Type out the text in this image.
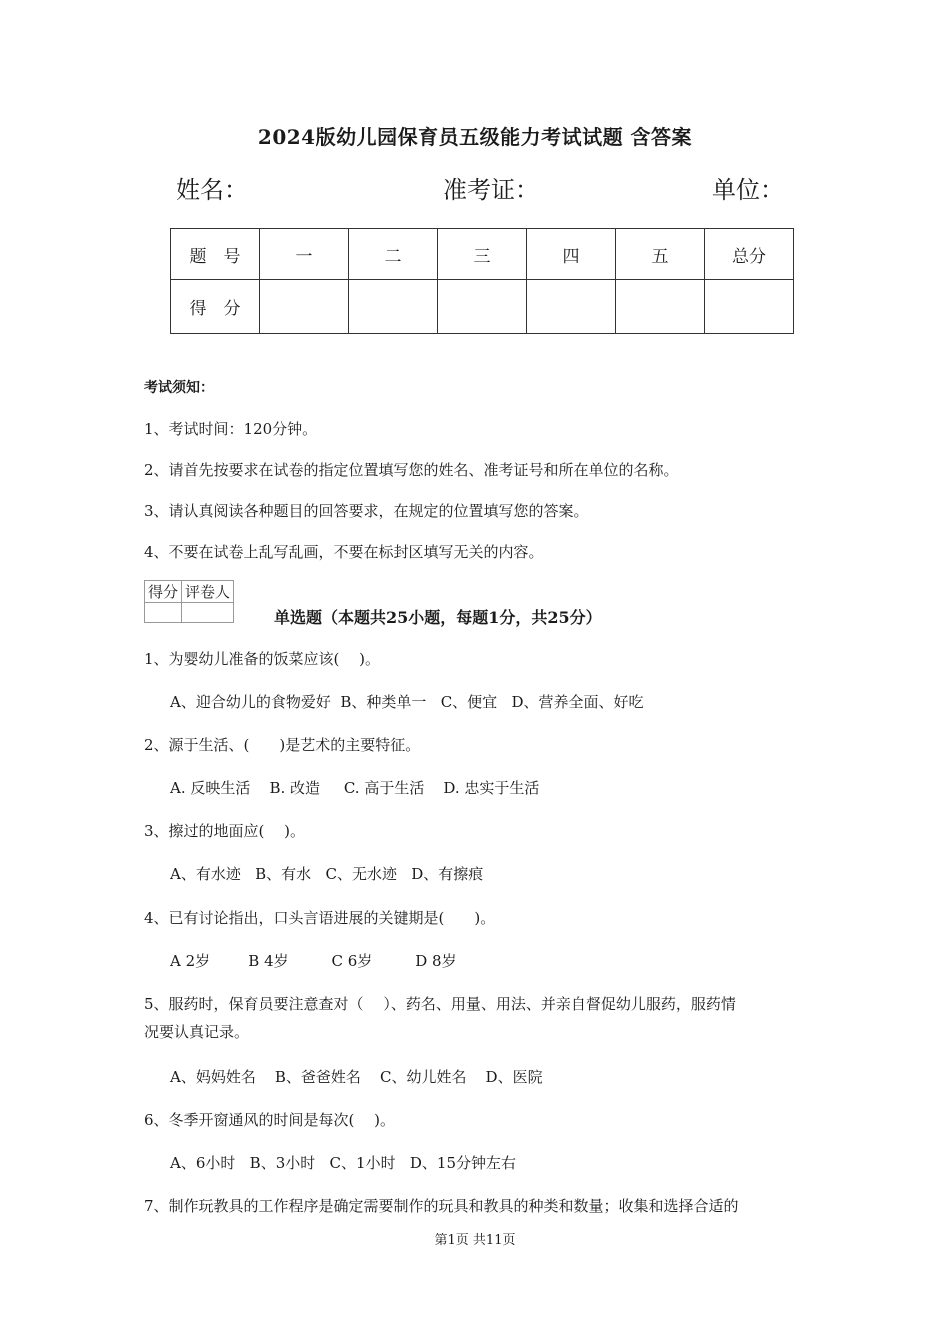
2024版幼儿园保育员五级能力考试试题 含答案
姓名：	准考证：	单位：
题　号	一	二	三	四	五	总分
得　分						
考试须知：
1、考试时间：120分钟。
2、请首先按要求在试卷的指定位置填写您的姓名、准考证号和所在单位的名称。
3、请认真阅读各种题目的回答要求，在规定的位置填写您的答案。
4、不要在试卷上乱写乱画，不要在标封区填写无关的内容。
得分	评卷人

单选题（本题共25小题，每题1分，共25分）
1、为婴幼儿准备的饭菜应该(　 )。
A、迎合幼儿的食物爱好  B、种类单一   C、便宜   D、营养全面、好吃
2、源于生活、(　　)是艺术的主要特征。
A. 反映生活    B. 改造     C. 高于生活    D. 忠实于生活
3、擦过的地面应(　 )。
A、有水迹   B、有水   C、无水迹   D、有擦痕
4、已有讨论指出，口头言语进展的关键期是(　　)。
A 2岁        B 4岁         C 6岁         D 8岁
5、服药时，保育员要注意查对（　 ）、药名、用量、用法、并亲自督促幼儿服药，服药情
况要认真记录。
A、妈妈姓名    B、爸爸姓名    C、幼儿姓名    D、医院
6、冬季开窗通风的时间是每次(　 )。
A、6小时   B、3小时   C、1小时   D、15分钟左右
7、制作玩教具的工作程序是确定需要制作的玩具和教具的种类和数量；收集和选择合适的
第1页 共11页
